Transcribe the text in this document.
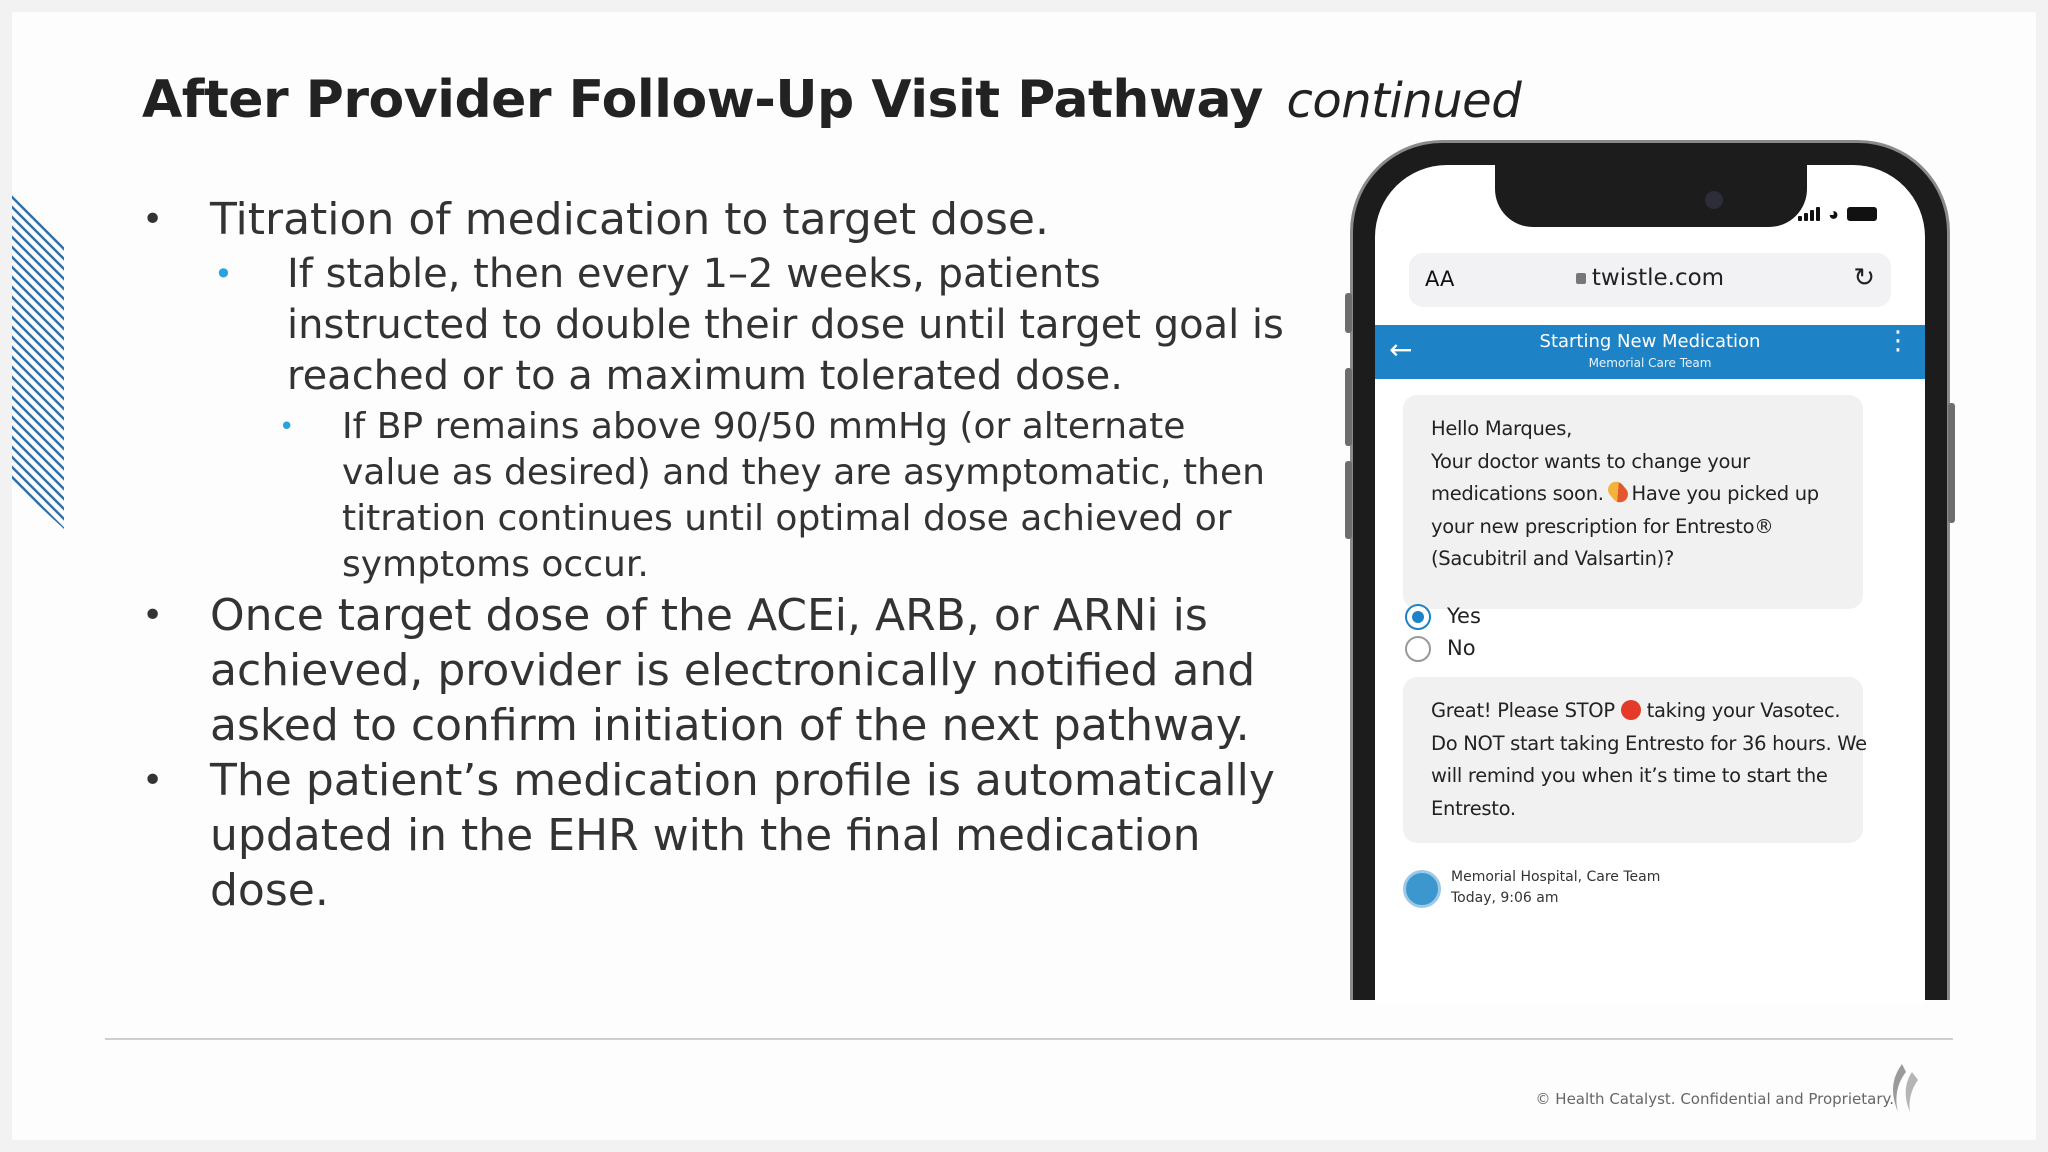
After Provider Follow-Up Visit Pathway continued
• Titration of medication to target dose.
• If stable, then every 1–2 weeks, patients instructed to double their dose until target goal is reached or to a maximum tolerated dose.
• If BP remains above 90/50 mmHg (or alternate value as desired) and they are asymptomatic, then titration continues until optimal dose achieved or symptoms occur.
• Once target dose of the ACEi, ARB, or ARNi is achieved, provider is electronically notified and asked to confirm initiation of the next pathway.
• The patient’s medication profile is automatically updated in the EHR with the final medication dose.
◕
AA	twistle.com	↻
←	Starting New Medication
Memorial Care Team
⋮
Hello Marques,
Your doctor wants to change your
medications soon. Have you picked up
your new prescription for Entresto®
(Sacubitril and Valsartin)?
Yes
No
Great! Please STOP taking your Vasotec.
Do NOT start taking Entresto for 36 hours. We
will remind you when it’s time to start the
Entresto.
Memorial Hospital, Care Team
Today, 9:06 am
© Health Catalyst. Confidential and Proprietary.
